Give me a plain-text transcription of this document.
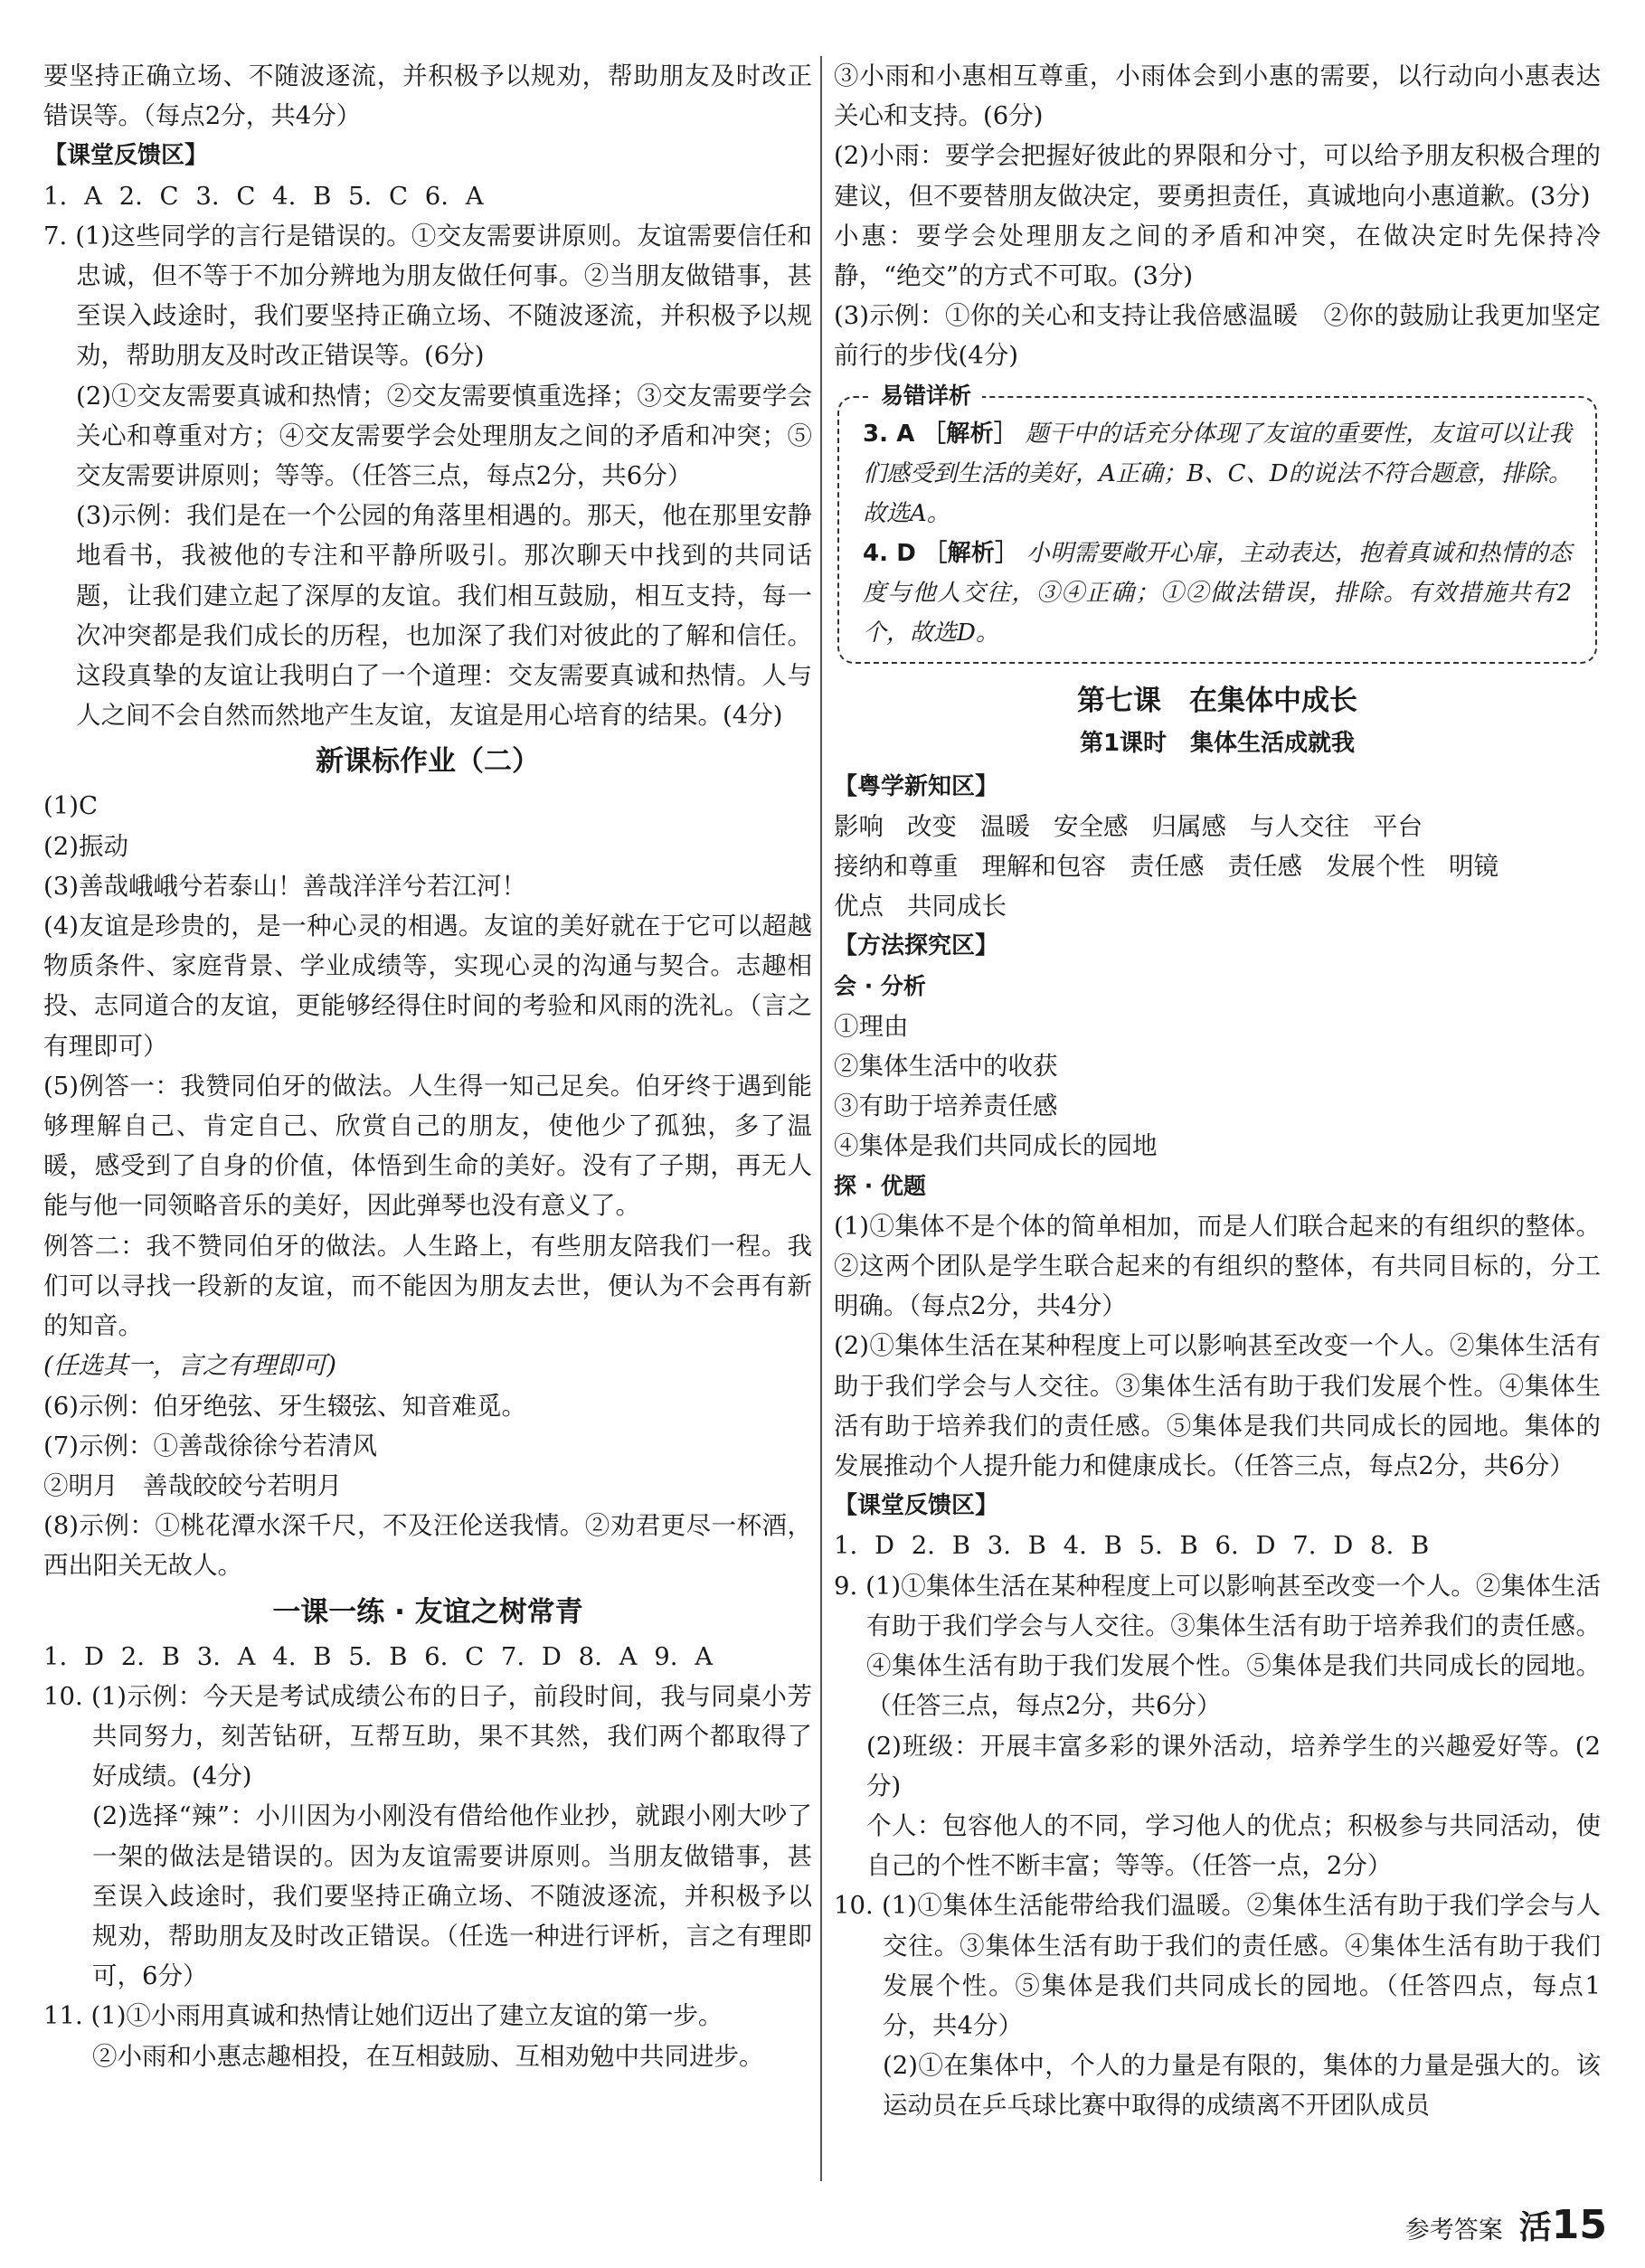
要坚持正确立场、不随波逐流，并积极予以规劝，帮助朋友及时改正错误等。（每点2分，共4分）

【课堂反馈区】

1. A 2. C 3. C 4. B 5. C 6. A

7. (1)这些同学的言行是错误的。①交友需要讲原则。友谊需要信任和忠诚，但不等于不加分辨地为朋友做任何事。②当朋友做错事，甚至误入歧途时，我们要坚持正确立场、不随波逐流，并积极予以规劝，帮助朋友及时改正错误等。(6分)

(2)①交友需要真诚和热情；②交友需要慎重选择；③交友需要学会关心和尊重对方；④交友需要学会处理朋友之间的矛盾和冲突；⑤交友需要讲原则；等等。（任答三点，每点2分，共6分）

(3)示例：我们是在一个公园的角落里相遇的。那天，他在那里安静地看书，我被他的专注和平静所吸引。那次聊天中找到的共同话题，让我们建立起了深厚的友谊。我们相互鼓励，相互支持，每一次冲突都是我们成长的历程，也加深了我们对彼此的了解和信任。这段真挚的友谊让我明白了一个道理：交友需要真诚和热情。人与人之间不会自然而然地产生友谊，友谊是用心培育的结果。(4分)

新课标作业（二）

(1)C

(2)振动

(3)善哉峨峨兮若泰山！善哉洋洋兮若江河！

(4)友谊是珍贵的，是一种心灵的相遇。友谊的美好就在于它可以超越物质条件、家庭背景、学业成绩等，实现心灵的沟通与契合。志趣相投、志同道合的友谊，更能够经得住时间的考验和风雨的洗礼。（言之有理即可）

(5)例答一：我赞同伯牙的做法。人生得一知己足矣。伯牙终于遇到能够理解自己、肯定自己、欣赏自己的朋友，使他少了孤独，多了温暖，感受到了自身的价值，体悟到生命的美好。没有了子期，再无人能与他一同领略音乐的美好，因此弹琴也没有意义了。

例答二：我不赞同伯牙的做法。人生路上，有些朋友陪我们一程。我们可以寻找一段新的友谊，而不能因为朋友去世，便认为不会再有新的知音。

(任选其一，言之有理即可)

(6)示例：伯牙绝弦、牙生辍弦、知音难觅。

(7)示例：①善哉徐徐兮若清风

②明月　善哉皎皎兮若明月

(8)示例：①桃花潭水深千尺，不及汪伦送我情。②劝君更尽一杯酒，西出阳关无故人。

一课一练 · 友谊之树常青

1. D 2. B 3. A 4. B 5. B 6. C 7. D 8. A 9. A

10. (1)示例：今天是考试成绩公布的日子，前段时间，我与同桌小芳共同努力，刻苦钻研，互帮互助，果不其然，我们两个都取得了好成绩。(4分)

(2)选择“辣”：小川因为小刚没有借给他作业抄，就跟小刚大吵了一架的做法是错误的。因为友谊需要讲原则。当朋友做错事，甚至误入歧途时，我们要坚持正确立场、不随波逐流，并积极予以规劝，帮助朋友及时改正错误。（任选一种进行评析，言之有理即可，6分）

11. (1)①小雨用真诚和热情让她们迈出了建立友谊的第一步。

②小雨和小惠志趣相投，在互相鼓励、互相劝勉中共同进步。

③小雨和小惠相互尊重，小雨体会到小惠的需要，以行动向小惠表达关心和支持。(6分)

(2)小雨：要学会把握好彼此的界限和分寸，可以给予朋友积极合理的建议，但不要替朋友做决定，要勇担责任，真诚地向小惠道歉。(3分)

小惠：要学会处理朋友之间的矛盾和冲突，在做决定时先保持冷静，“绝交”的方式不可取。(3分)

(3)示例：①你的关心和支持让我倍感温暖　②你的鼓励让我更加坚定前行的步伐(4分)

易错详析

3. A ［解析］ 题干中的话充分体现了友谊的重要性，友谊可以让我们感受到生活的美好，A正确；B、C、D的说法不符合题意，排除。故选A。

4. D ［解析］ 小明需要敞开心扉，主动表达，抱着真诚和热情的态度与他人交往，③④正确；①②做法错误，排除。有效措施共有2个，故选D。

第七课　在集体中成长

第1课时　集体生活成就我

【粤学新知区】

影响 改变 温暖 安全感 归属感 与人交往 平台

接纳和尊重 理解和包容 责任感 责任感 发展个性 明镜

优点 共同成长

【方法探究区】

会 · 分析

①理由

②集体生活中的收获

③有助于培养责任感

④集体是我们共同成长的园地

探 · 优题

(1)①集体不是个体的简单相加，而是人们联合起来的有组织的整体。②这两个团队是学生联合起来的有组织的整体，有共同目标的，分工明确。（每点2分，共4分）

(2)①集体生活在某种程度上可以影响甚至改变一个人。②集体生活有助于我们学会与人交往。③集体生活有助于我们发展个性。④集体生活有助于培养我们的责任感。⑤集体是我们共同成长的园地。集体的发展推动个人提升能力和健康成长。（任答三点，每点2分，共6分）

【课堂反馈区】

1. D 2. B 3. B 4. B 5. B 6. D 7. D 8. B

9. (1)①集体生活在某种程度上可以影响甚至改变一个人。②集体生活有助于我们学会与人交往。③集体生活有助于培养我们的责任感。④集体生活有助于我们发展个性。⑤集体是我们共同成长的园地。（任答三点，每点2分，共6分）

(2)班级：开展丰富多彩的课外活动，培养学生的兴趣爱好等。(2分)

个人：包容他人的不同，学习他人的优点；积极参与共同活动，使自己的个性不断丰富；等等。（任答一点，2分）

10. (1)①集体生活能带给我们温暖。②集体生活有助于我们学会与人交往。③集体生活有助于我们的责任感。④集体生活有助于我们发展个性。⑤集体是我们共同成长的园地。（任答四点，每点1分，共4分）

(2)①在集体中，个人的力量是有限的，集体的力量是强大的。该运动员在乒乓球比赛中取得的成绩离不开团队成员

参考答案 活 15
